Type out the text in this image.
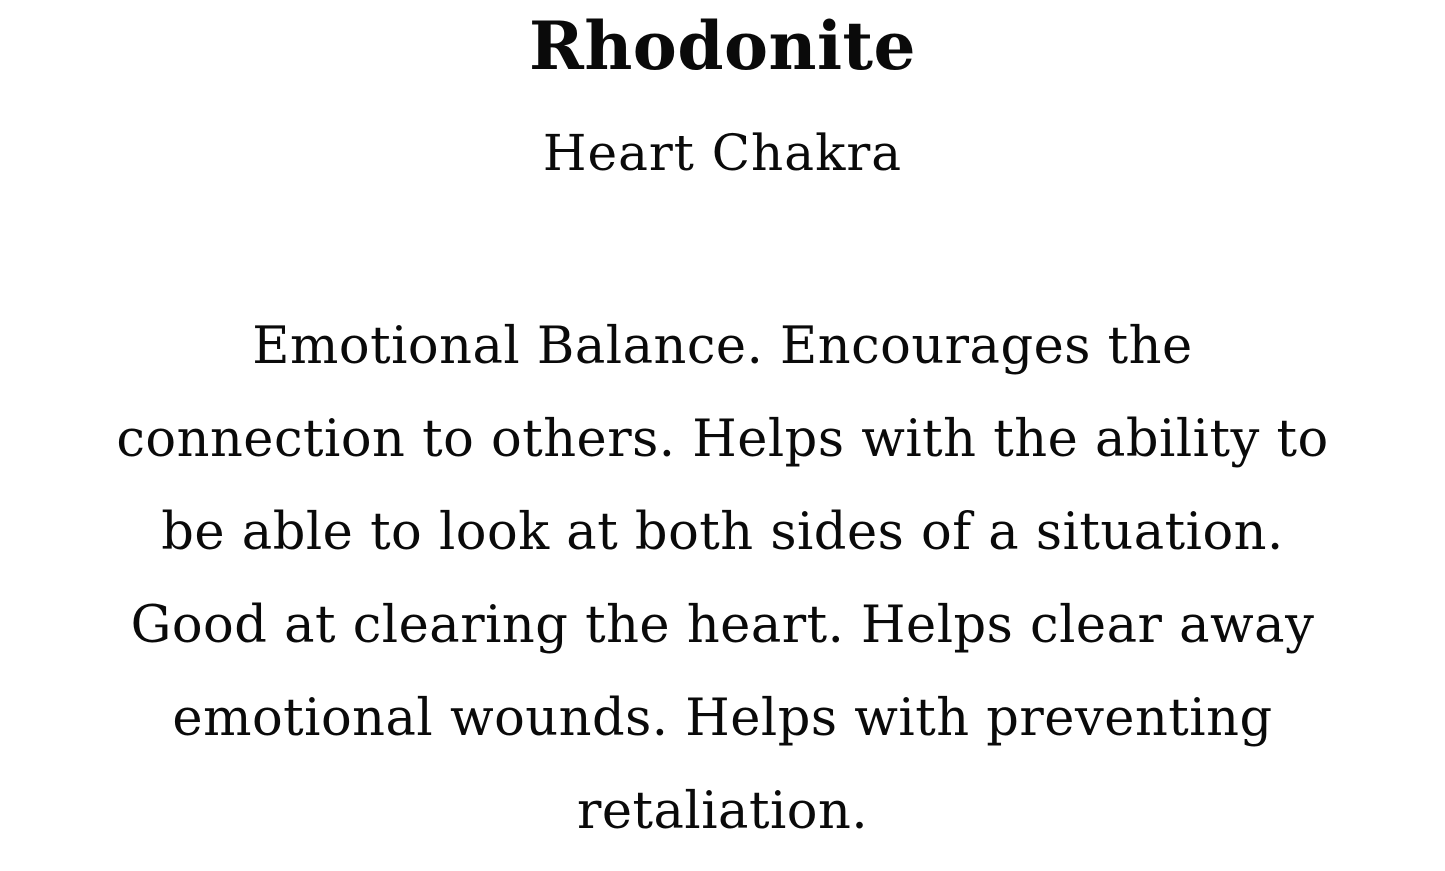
Rhodonite
Heart Chakra

Emotional Balance. Encourages the
connection to others. Helps with the ability to
be able to look at both sides of a situation.
Good at clearing the heart. Helps clear away
emotional wounds. Helps with preventing
retaliation.
